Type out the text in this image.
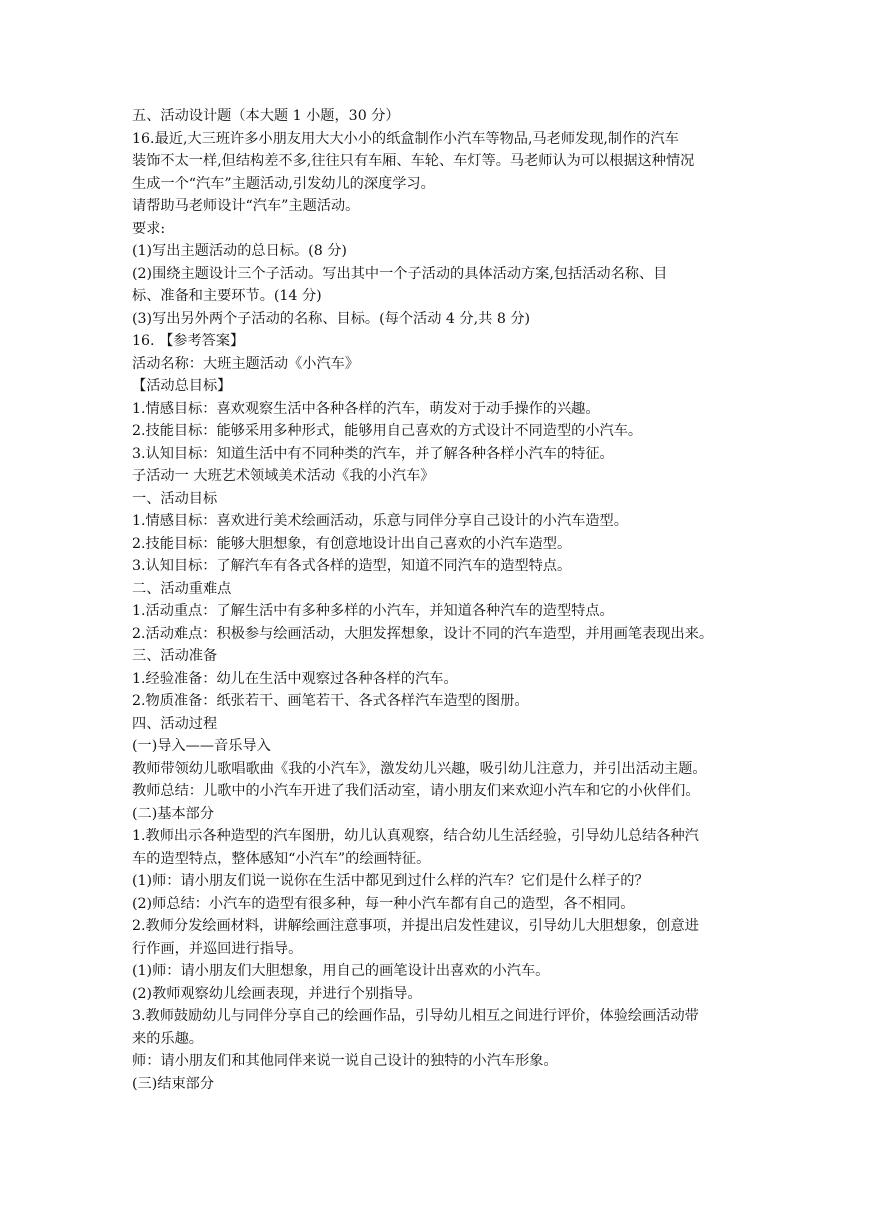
五、活动设计题（本大题 1 小题，30 分）
16.最近,大三班许多小朋友用大大小小的纸盒制作小汽车等物品,马老师发现,制作的汽车
装饰不太一样,但结构差不多,往往只有车厢、车轮、车灯等。马老师认为可以根据这种情况
生成一个“汽车”主题活动,引发幼儿的深度学习。
请帮助马老师设计“汽车”主题活动。
要求:
(1)写出主题活动的总日标。(8 分)
(2)围绕主题设计三个子活动。写出其中一个子活动的具体活动方案,包括活动名称、目
标、准备和主要环节。(14 分)
(3)写出另外两个子活动的名称、目标。(每个活动 4 分,共 8 分)
16. 【参考答案】
活动名称：大班主题活动《小汽车》
【活动总目标】
1.情感目标：喜欢观察生活中各种各样的汽车，萌发对于动手操作的兴趣。
2.技能目标：能够采用多种形式，能够用自己喜欢的方式设计不同造型的小汽车。
3.认知目标：知道生活中有不同种类的汽车，并了解各种各样小汽车的特征。
子活动一 大班艺术领域美术活动《我的小汽车》
一、活动目标
1.情感目标：喜欢进行美术绘画活动，乐意与同伴分享自己设计的小汽车造型。
2.技能目标：能够大胆想象，有创意地设计出自己喜欢的小汽车造型。
3.认知目标：了解汽车有各式各样的造型，知道不同汽车的造型特点。
二、活动重难点
1.活动重点：了解生活中有多种多样的小汽车，并知道各种汽车的造型特点。
2.活动难点：积极参与绘画活动，大胆发挥想象，设计不同的汽车造型，并用画笔表现出来。
三、活动准备
1.经验准备：幼儿在生活中观察过各种各样的汽车。
2.物质准备：纸张若干、画笔若干、各式各样汽车造型的图册。
四、活动过程
(一)导入——音乐导入
教师带领幼儿歌唱歌曲《我的小汽车》，激发幼儿兴趣，吸引幼儿注意力，并引出活动主题。
教师总结：儿歌中的小汽车开进了我们活动室，请小朋友们来欢迎小汽车和它的小伙伴们。
(二)基本部分
1.教师出示各种造型的汽车图册，幼儿认真观察，结合幼儿生活经验，引导幼儿总结各种汽
车的造型特点，整体感知“小汽车”的绘画特征。
(1)师：请小朋友们说一说你在生活中都见到过什么样的汽车？它们是什么样子的？
(2)师总结：小汽车的造型有很多种，每一种小汽车都有自己的造型，各不相同。
2.教师分发绘画材料，讲解绘画注意事项，并提出启发性建议，引导幼儿大胆想象，创意进
行作画，并巡回进行指导。
(1)师：请小朋友们大胆想象，用自己的画笔设计出喜欢的小汽车。
(2)教师观察幼儿绘画表现，并进行个别指导。
3.教师鼓励幼儿与同伴分享自己的绘画作品，引导幼儿相互之间进行评价，体验绘画活动带
来的乐趣。
师：请小朋友们和其他同伴来说一说自己设计的独特的小汽车形象。
(三)结束部分
